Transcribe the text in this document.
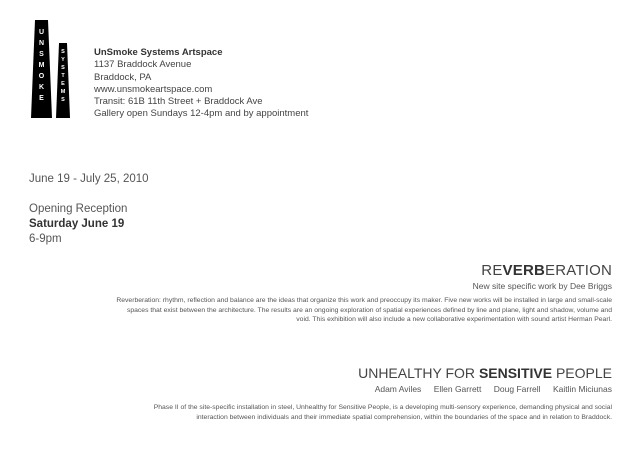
U
N
S
M
O
K
E
S
Y
S
T
E
M
S
UnSmoke Systems Artspace
1137 Braddock Avenue
Braddock, PA
www.unsmokeartspace.com
Transit: 61B 11th Street + Braddock Ave
Gallery open Sundays 12-4pm and by appointment
June 19 - July 25, 2010
Opening Reception
Saturday June 19
6-9pm
REVERBERATION
New site specific work by Dee Briggs
Reverberation: rhythm, reflection and balance are the ideas that organize this work and preoccupy its maker. Five new works will be installed in large and small-scale spaces that exist between the architecture. The results are an ongoing exploration of spatial experiences defined by line and plane, light and shadow, volume and void. This exhibition will also include a new collaborative experimentation with sound artist Herman Pearl.
UNHEALTHY FOR SENSITIVE PEOPLE
Adam Aviles Ellen Garrett Doug Farrell Kaitlin Miciunas
Phase II of the site-specific installation in steel, Unhealthy for Sensitive People, is a developing multi-sensory experience, demanding physical and social interaction between individuals and their immediate spatial comprehension, within the boundaries of the space and in relation to Braddock.
